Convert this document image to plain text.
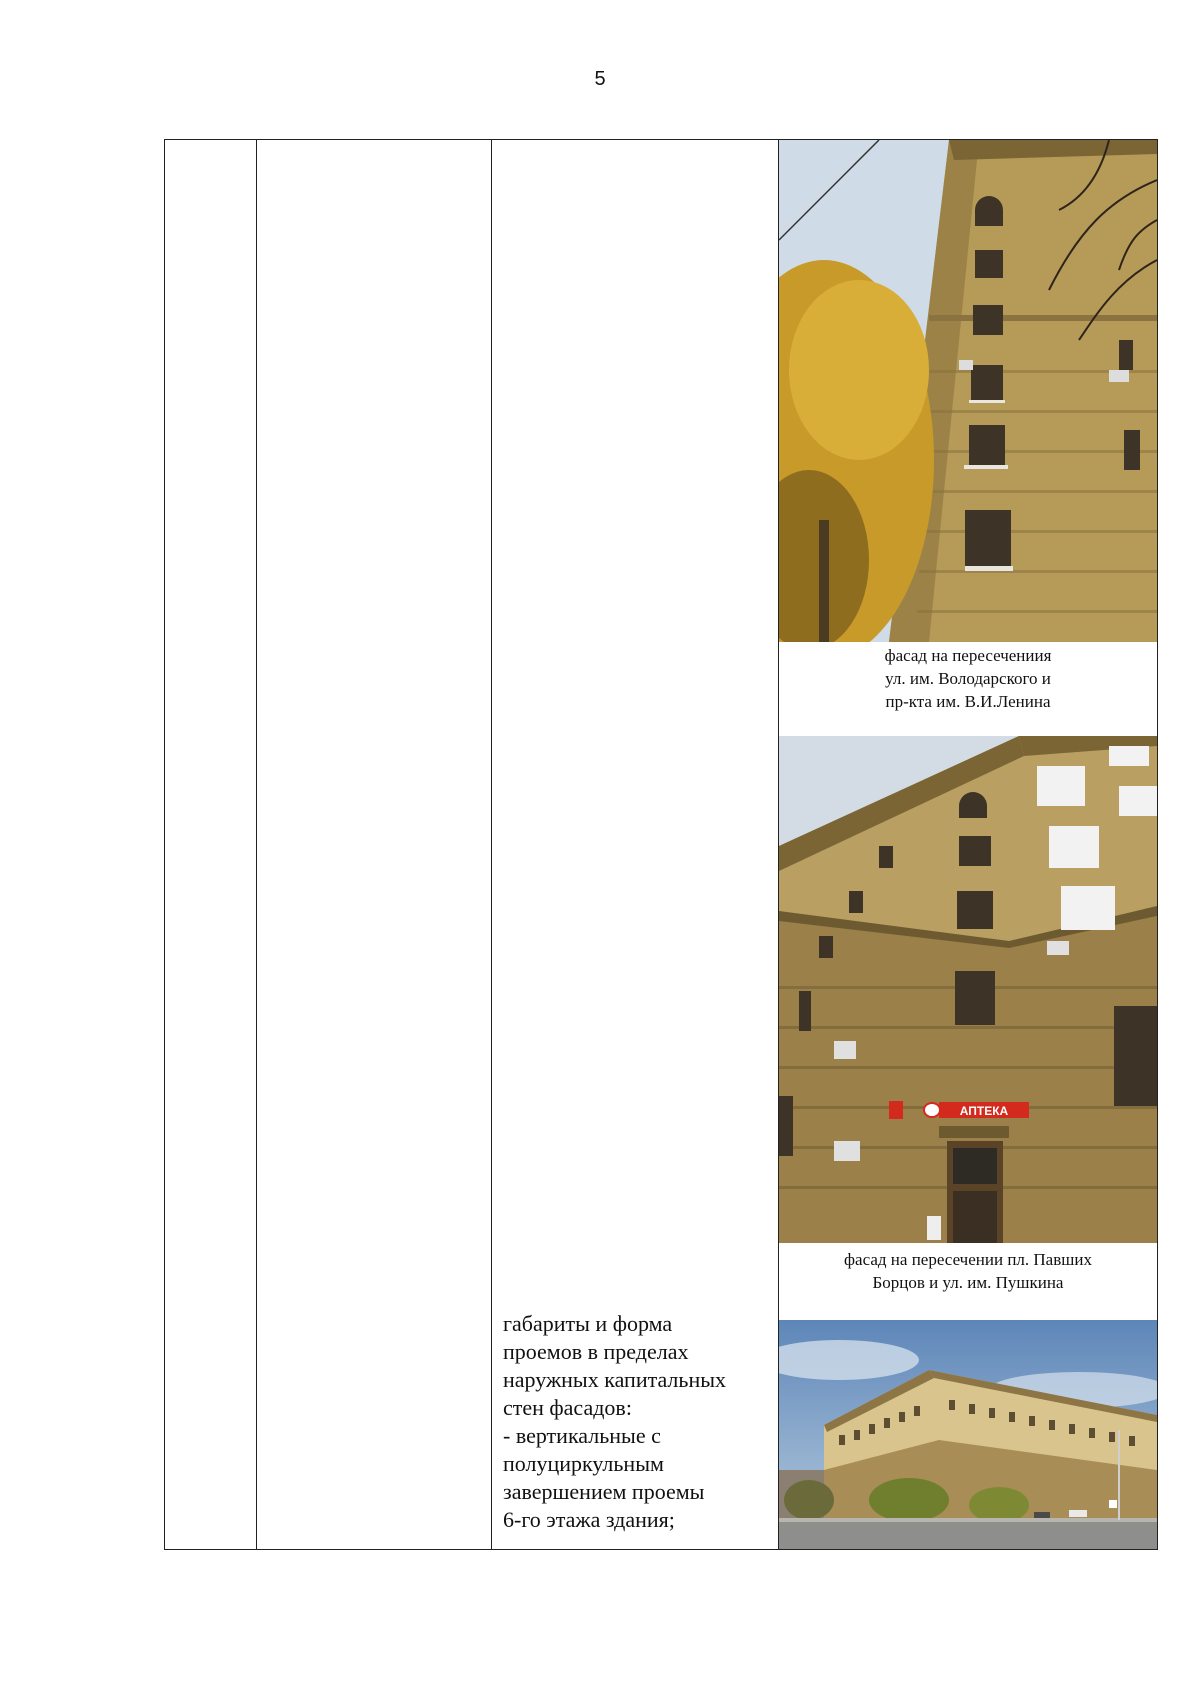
5
габариты и форма
проемов в пределах
наружных капитальных
стен фасадов:
- вертикальные с
полуциркульным
завершением проемы
6-го этажа здания;
фасад на пересечениия
ул. им. Володарского и
пр-кта им. В.И.Ленина
АПТЕКА
фасад на пересечении пл. Павших
Борцов и ул. им. Пушкина
